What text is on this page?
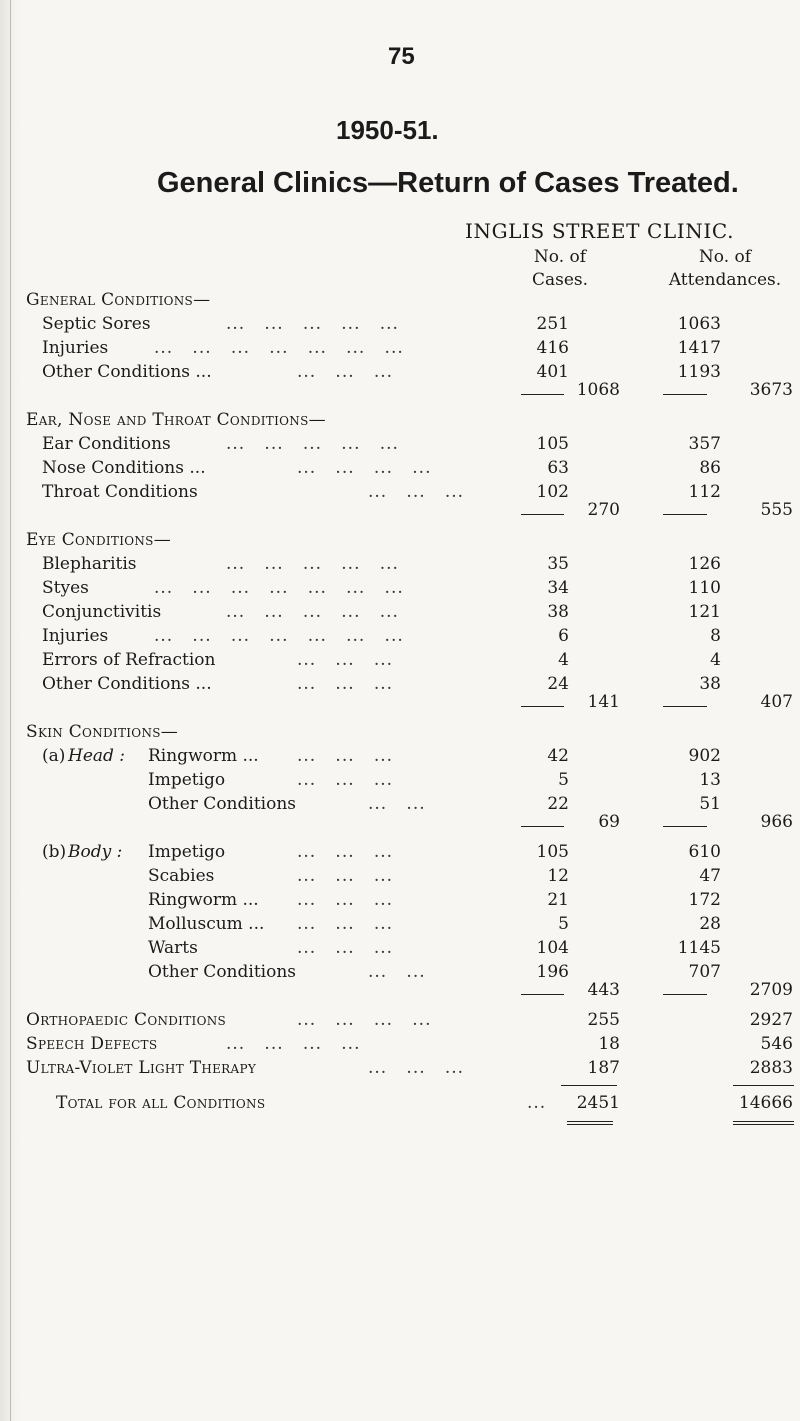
75
1950-51.
General Clinics—Return of Cases Treated.
INGLIS STREET CLINIC.
No. of
Cases.
No. of
Attendances.
General Conditions—
Septic Sores	...   ...   ...   ...   ...	251	1063
Injuries	...   ...   ...   ...   ...   ...   ...	416	1417
Other Conditions ...	...   ...   ...	401	1193
1068	3673
Ear, Nose and Throat Conditions—
Ear Conditions	...   ...   ...   ...   ...	105	357
Nose Conditions ...	...   ...   ...   ...	63	86
Throat Conditions	...   ...   ...	102	112
270	555
Eye Conditions—
Blepharitis	...   ...   ...   ...   ...	35	126
Styes	...   ...   ...   ...   ...   ...   ...	34	110
Conjunctivitis	...   ...   ...   ...   ...	38	121
Injuries	...   ...   ...   ...   ...   ...   ...	6	8
Errors of Refraction	...   ...   ...	4	4
Other Conditions ...	...   ...   ...	24	38
141	407
Skin Conditions—
(a) Head : Ringworm ... ...   ...   ...	42	902
Impetigo	...   ...   ...	5	13
Other Conditions	...   ...	22	51
69	966
(b) Body : Impetigo	...   ...   ...	105	610
Scabies	...   ...   ...	12	47
Ringworm ... ...   ...   ...	21	172
Molluscum ... ...   ...   ...	5	28
Warts	...   ...   ...	104	1145
Other Conditions	...   ...	196	707
443	2709
Orthopaedic Conditions	...   ...   ...   ...	255	2927
Speech Defects	...   ...   ...   ...	18	546
Ultra-Violet Light Therapy	...   ...   ...	187	2883
Total for all Conditions	...	2451	14666
